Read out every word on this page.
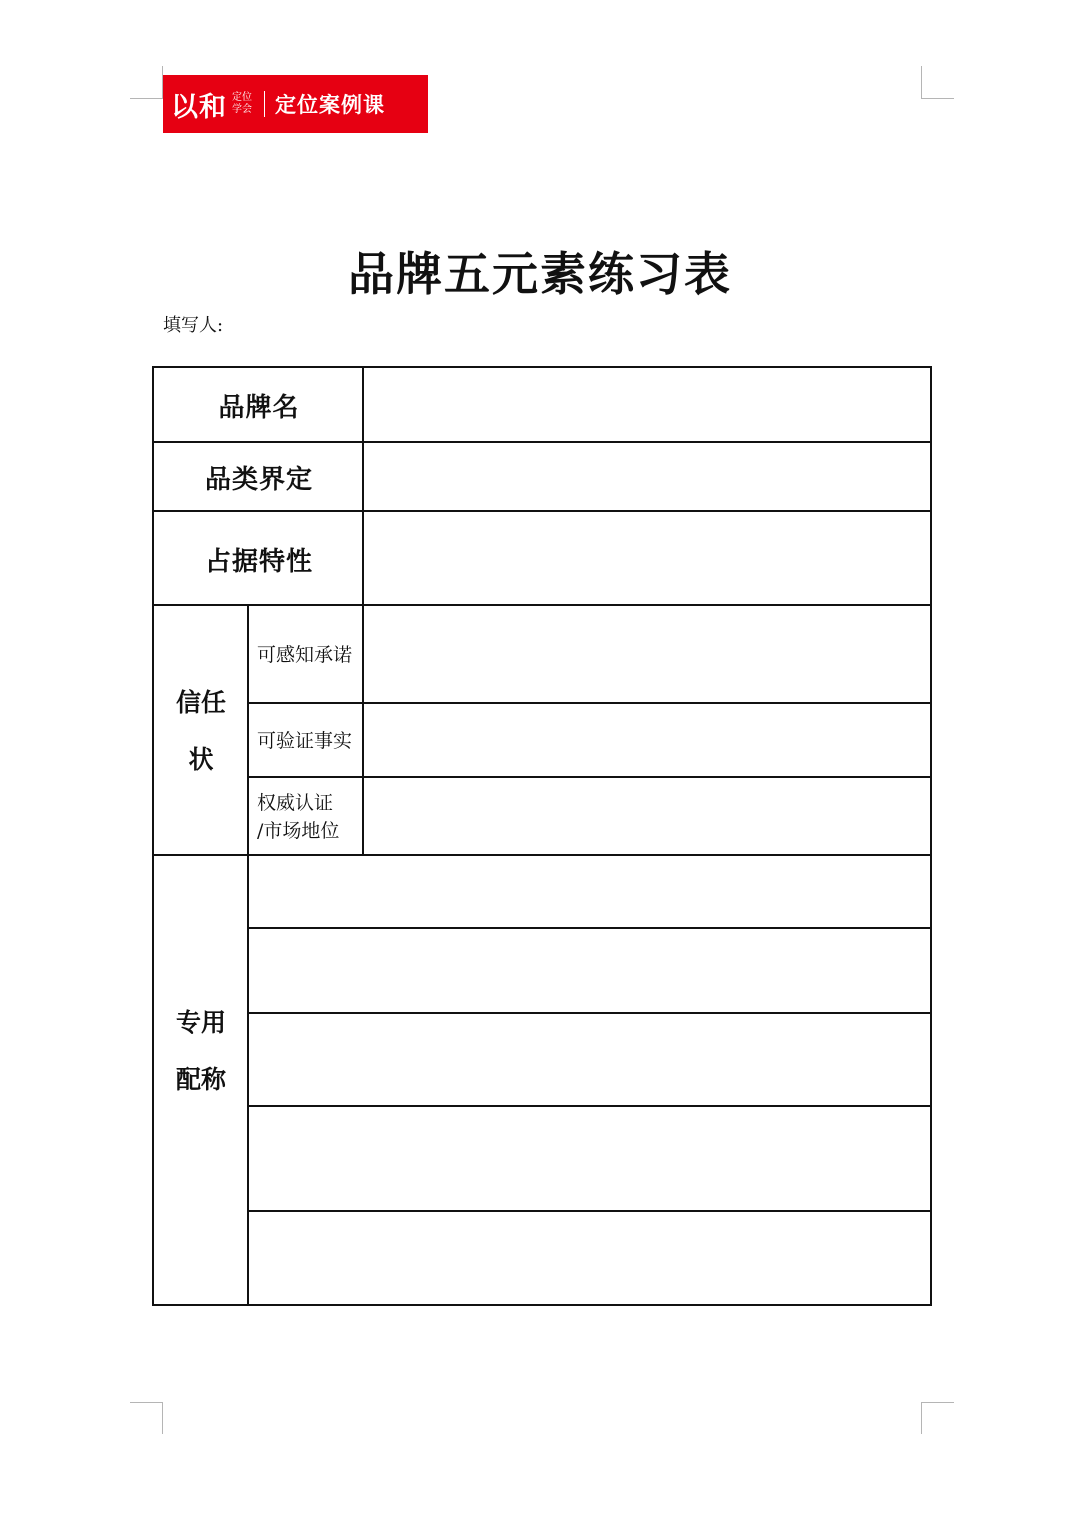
以和 定位
学会 定位案例课
品牌五元素练习表
填写人:
品牌名
品类界定
占据特性
信任
状
可感知承诺
可验证事实
权威认证
/市场地位
专用
配称
